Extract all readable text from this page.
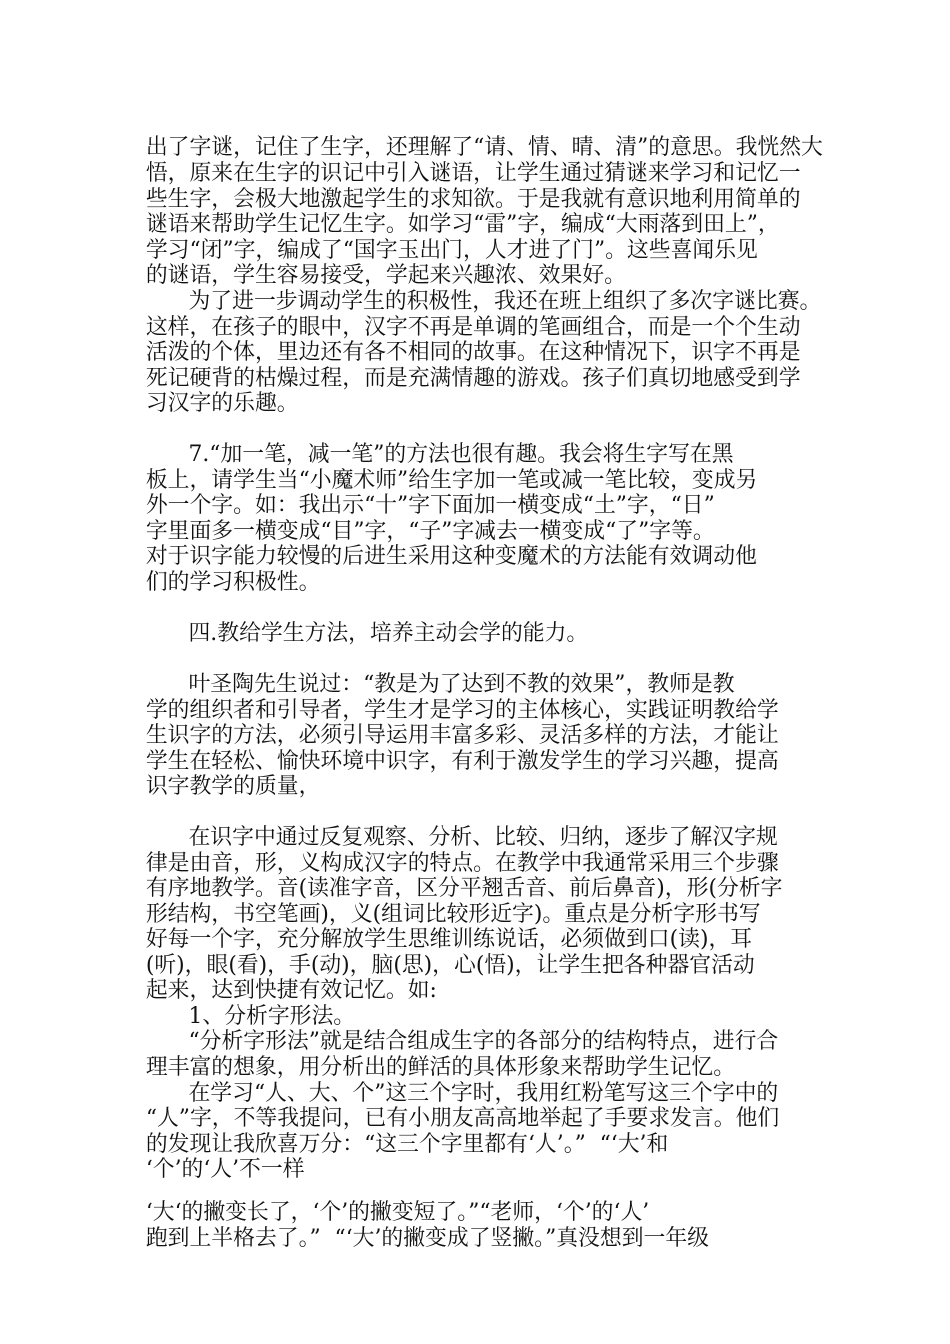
出了字谜，记住了生字，还理解了“请、情、晴、清”的意思。我恍然大

悟，原来在生字的识记中引入谜语，让学生通过猜谜来学习和记忆一

些生字，会极大地激起学生的求知欲。于是我就有意识地利用简单的

谜语来帮助学生记忆生字。如学习“雷”字，编成“大雨落到田上”，

学习“闭”字，编成了“国字玉出门，人才进了门”。这些喜闻乐见

的谜语，学生容易接受，学起来兴趣浓、效果好。

为了进一步调动学生的积极性，我还在班上组织了多次字谜比赛。

这样，在孩子的眼中，汉字不再是单调的笔画组合，而是一个个生动

活泼的个体，里边还有各不相同的故事。在这种情况下，识字不再是

死记硬背的枯燥过程，而是充满情趣的游戏。孩子们真切地感受到学

习汉字的乐趣。

7.“加一笔，减一笔”的方法也很有趣。我会将生字写在黑

板上，请学生当“小魔术师”给生字加一笔或减一笔比较，变成另

外一个字。如：我出示“十”字下面加一横变成“土”字，“日”

字里面多一横变成“目”字，“子”字减去一横变成“了”字等。

对于识字能力较慢的后进生采用这种变魔术的方法能有效调动他

们的学习积极性。

四.教给学生方法，培养主动会学的能力。

叶圣陶先生说过：“教是为了达到不教的效果”，教师是教

学的组织者和引导者，学生才是学习的主体核心，实践证明教给学

生识字的方法，必须引导运用丰富多彩、灵活多样的方法，才能让

学生在轻松、愉快环境中识字，有利于激发学生的学习兴趣，提高

识字教学的质量，

在识字中通过反复观察、分析、比较、归纳，逐步了解汉字规

律是由音，形，义构成汉字的特点。在教学中我通常采用三个步骤

有序地教学。音(读准字音，区分平翘舌音、前后鼻音)，形(分析字

形结构，书空笔画)，义(组词比较形近字)。重点是分析字形书写

好每一个字，充分解放学生思维训练说话，必须做到口(读)，耳

(听)，眼(看)，手(动)，脑(思)，心(悟)，让学生把各种器官活动

起来，达到快捷有效记忆。如:

1、分析字形法。

“分析字形法”就是结合组成生字的各部分的结构特点，进行合

理丰富的想象，用分析出的鲜活的具体形象来帮助学生记忆。

在学习“人、大、个”这三个字时，我用红粉笔写这三个字中的

“人”字，不等我提问，已有小朋友高高地举起了手要求发言。他们

的发现让我欣喜万分：“这三个字里都有‘人’。”  “‘大’和

‘个’的‘人’不一样

‘大‘的撇变长了，‘个’的撇变短了。”“老师，‘个’的‘人’

跑到上半格去了。”  “‘大’的撇变成了竖撇。”真没想到一年级
